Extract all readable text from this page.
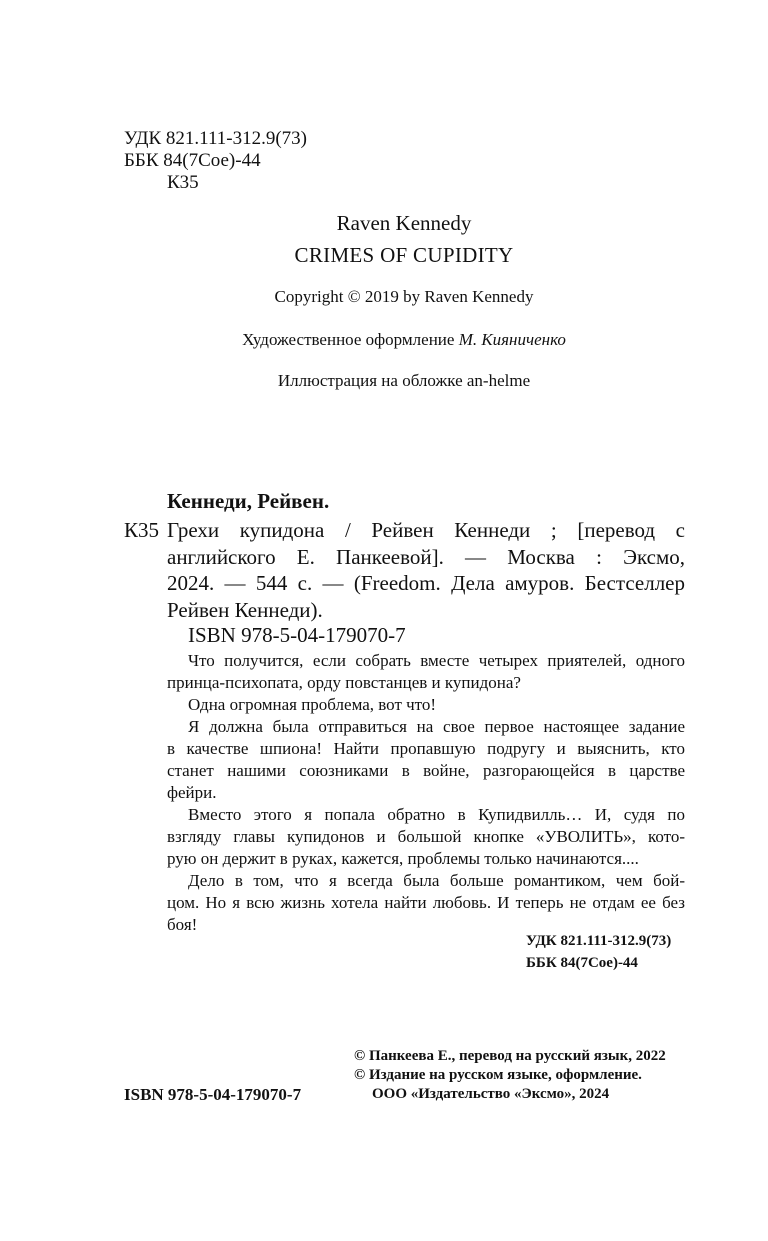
УДК 821.111-312.9(73)
ББК 84(7Сое)-44
К35
Raven Kennedy
CRIMES OF CUPIDITY
Copyright © 2019 by Raven Kennedy
Художественное оформление М. Кияниченко
Иллюстрация на обложке an-helme
Кеннеди, Рейвен.
К35 Грехи купидона / Рейвен Кеннеди ; [перевод с
английского Е. Панкеевой]. — Москва : Эксмо,
2024. — 544 с. — (Freedom. Дела амуров. Бестселлер
Рейвен Кеннеди).
ISBN 978-5-04-179070-7
Что получится, если собрать вместе четырех приятелей, одного
принца-психопата, орду повстанцев и купидона?
Одна огромная проблема, вот что!
Я должна была отправиться на свое первое настоящее задание
в качестве шпиона! Найти пропавшую подругу и выяснить, кто
станет нашими союзниками в войне, разгорающейся в царстве
фейри.
Вместо этого я попала обратно в Купидвилль… И, судя по
взгляду главы купидонов и большой кнопке «УВОЛИТЬ», кото-
рую он держит в руках, кажется, проблемы только начинаются....
Дело в том, что я всегда была больше романтиком, чем бой-
цом. Но я всю жизнь хотела найти любовь. И теперь не отдам ее без
боя!
УДК 821.111-312.9(73)
ББК 84(7Сое)-44
© Панкеева Е., перевод на русский язык, 2022
© Издание на русском языке, оформление.
ООО «Издательство «Эксмо», 2024
ISBN 978-5-04-179070-7
